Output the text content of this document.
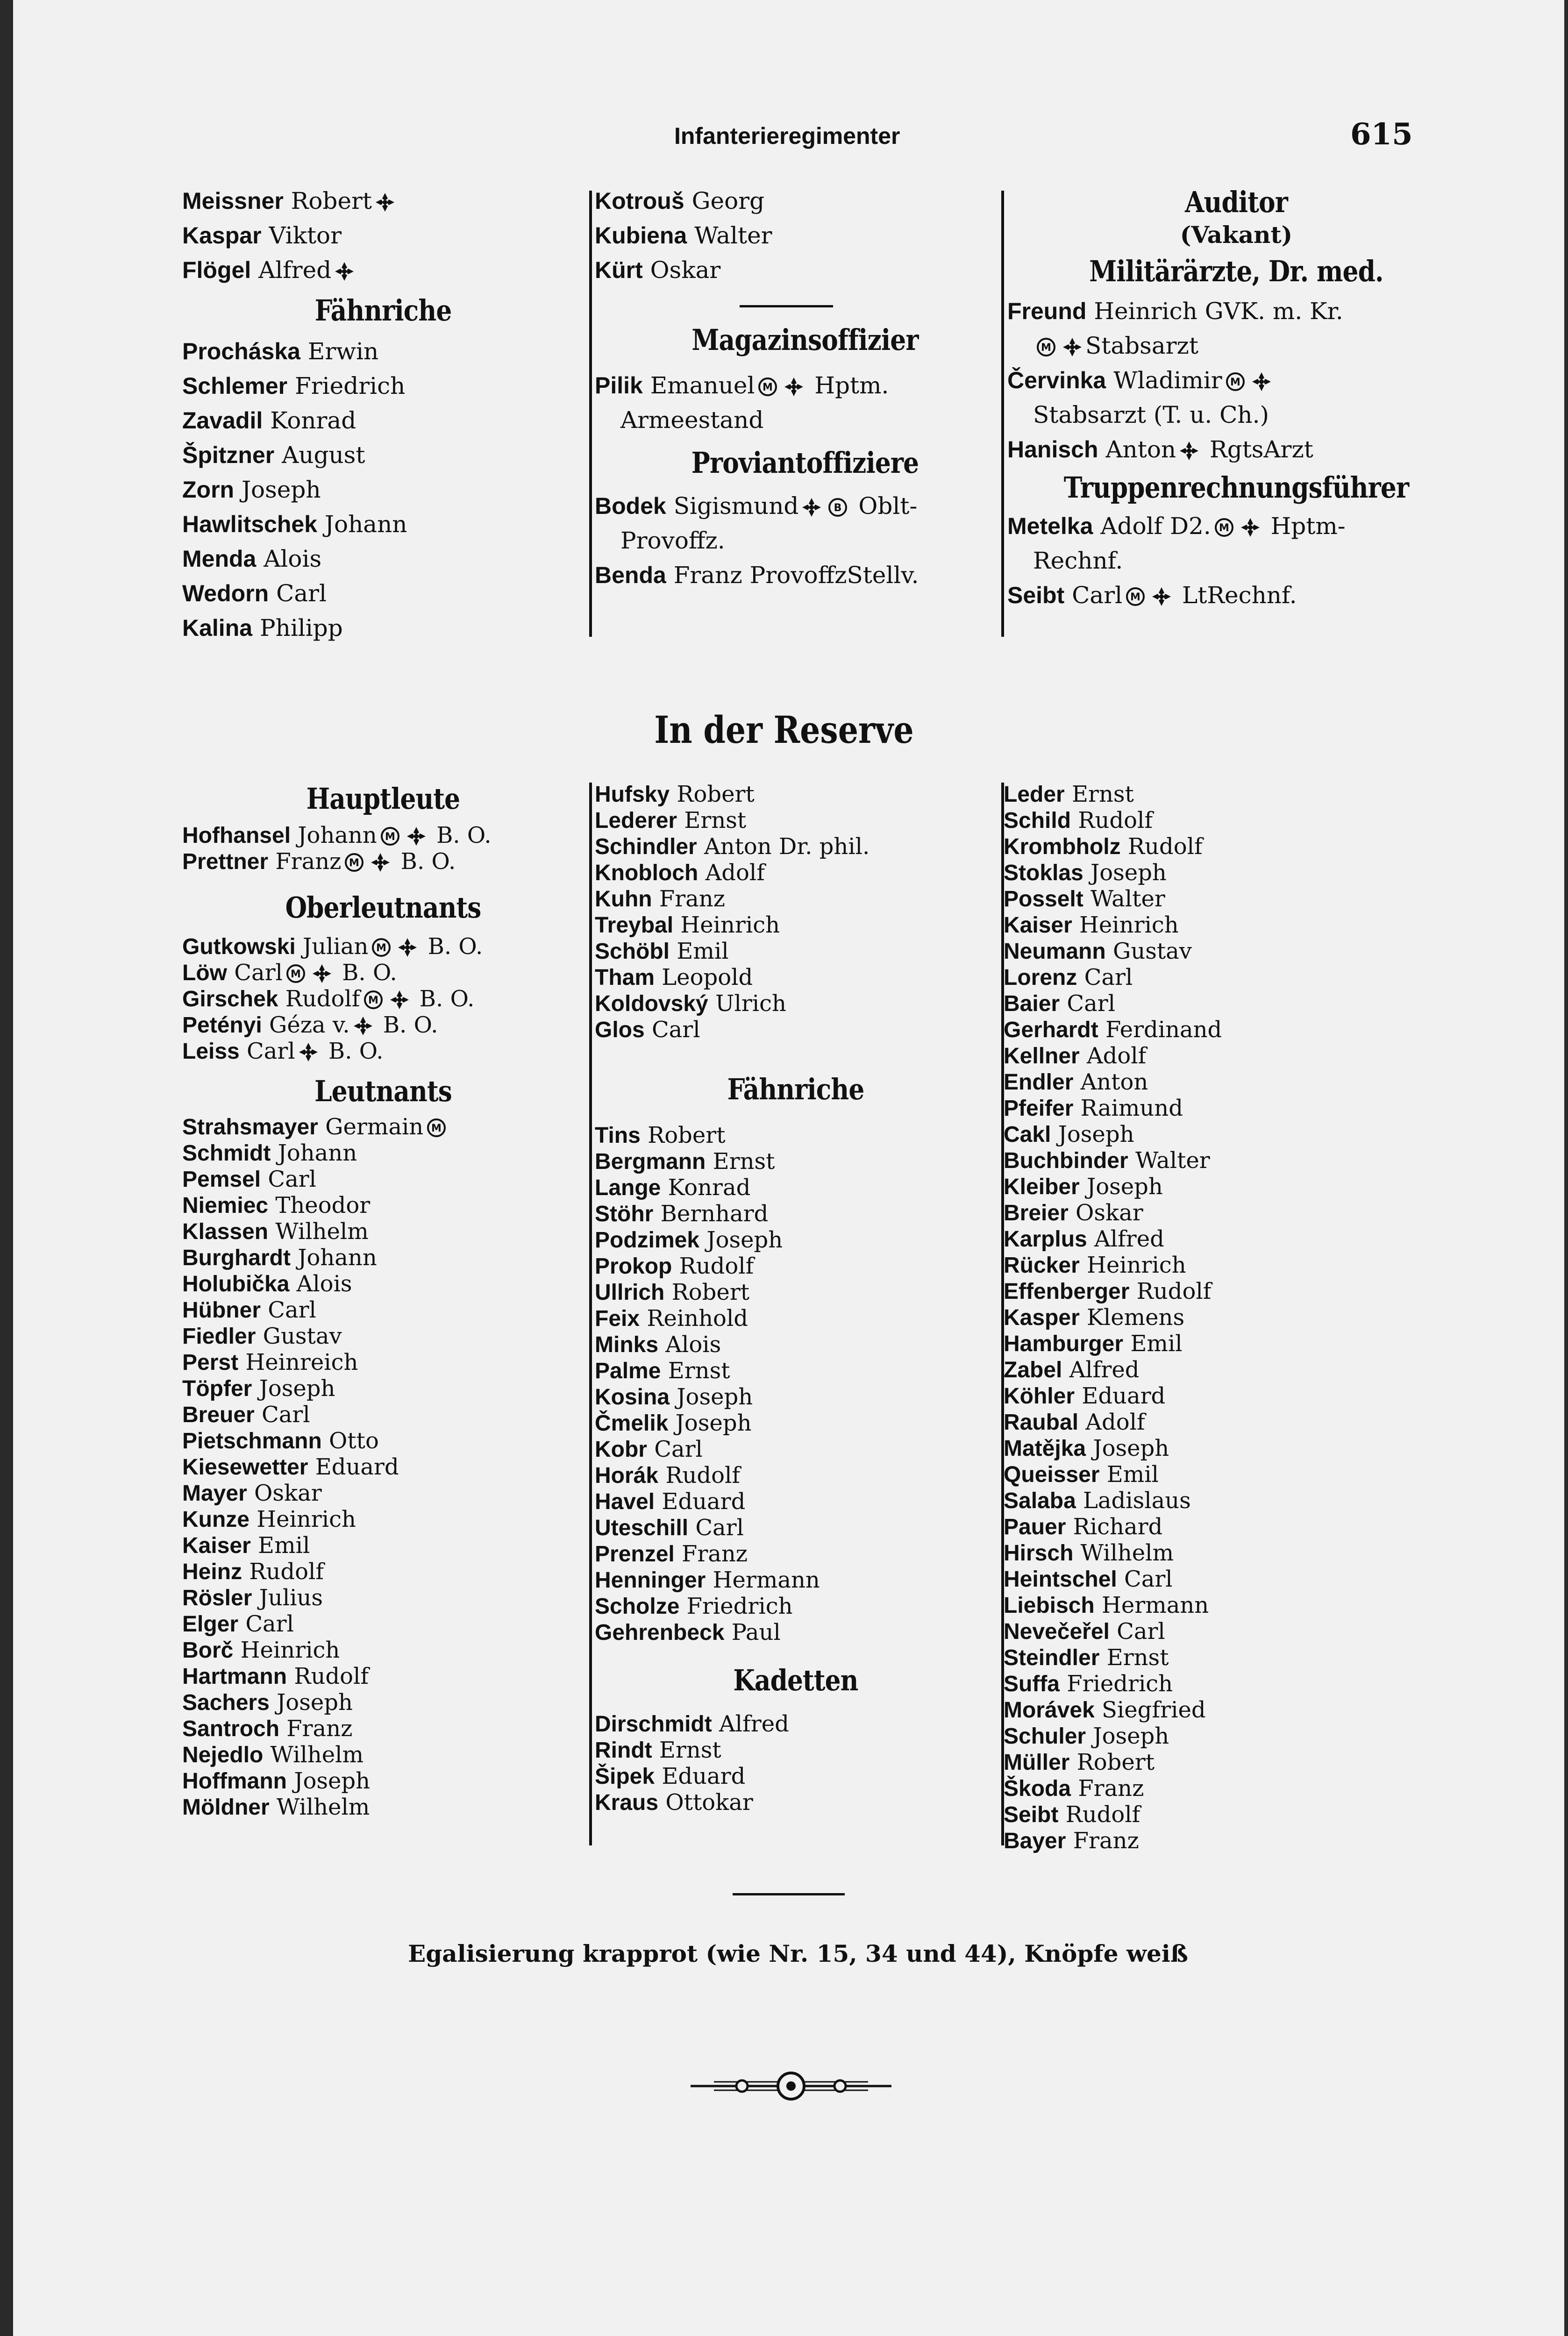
Infanterieregimenter	615
Meissner Robert
Kaspar Viktor
Flögel Alfred
Fähnriche
Procháska Erwin
Schlemer Friedrich
Zavadil Konrad
Špitzner August
Zorn Joseph
Hawlitschek Johann
Menda Alois
Wedorn Carl
Kalina Philipp
Kotrouš Georg
Kubiena Walter
Kürt Oskar
Magazinsoffizier
Pilik Emanuel M Hptm.
Armeestand
Proviantoffiziere
Bodek Sigismund	B Oblt-
Provoffz.
Benda Franz ProvoffzStellv.
Auditor
(Vakant)
Militärärzte, Dr. med.
Freund Heinrich GVK. m. Kr.
M Stabsarzt
Červinka Wladimir M
Stabsarzt (T. u. Ch.)
Hanisch Anton RgtsArzt
Truppenrechnungsführer
Metelka Adolf D2. M Hptm-
Rechnf.
Seibt Carl M LtRechnf.
In der Reserve
Hauptleute
Hofhansel Johann M B. O.
Prettner Franz M B. O.
Oberleutnants
Gutkowski Julian M B. O.
Löw Carl M B. O.
Girschek Rudolf M B. O.
Petényi Géza v. B. O.
Leiss Carl B. O.
Leutnants
Strahsmayer Germain M
Schmidt Johann
Pemsel Carl
Niemiec Theodor
Klassen Wilhelm
Burghardt Johann
Holubička Alois
Hübner Carl
Fiedler Gustav
Perst Heinreich
Töpfer Joseph
Breuer Carl
Pietschmann Otto
Kiesewetter Eduard
Mayer Oskar
Kunze Heinrich
Kaiser Emil
Heinz Rudolf
Rösler Julius
Elger Carl
Borč Heinrich
Hartmann Rudolf
Sachers Joseph
Santroch Franz
Nejedlo Wilhelm
Hoffmann Joseph
Möldner Wilhelm
Hufsky Robert
Lederer Ernst
Schindler Anton Dr. phil.
Knobloch Adolf
Kuhn Franz
Treybal Heinrich
Schöbl Emil
Tham Leopold
Koldovský Ulrich
Glos Carl
Fähnriche
Tins Robert
Bergmann Ernst
Lange Konrad
Stöhr Bernhard
Podzimek Joseph
Prokop Rudolf
Ullrich Robert
Feix Reinhold
Minks Alois
Palme Ernst
Kosina Joseph
Čmelik Joseph
Kobr Carl
Horák Rudolf
Havel Eduard
Uteschill Carl
Prenzel Franz
Henninger Hermann
Scholze Friedrich
Gehrenbeck Paul
Kadetten
Dirschmidt Alfred
Rindt Ernst
Šipek Eduard
Kraus Ottokar
Leder Ernst
Schild Rudolf
Krombholz Rudolf
Stoklas Joseph
Posselt Walter
Kaiser Heinrich
Neumann Gustav
Lorenz Carl
Baier Carl
Gerhardt Ferdinand
Kellner Adolf
Endler Anton
Pfeifer Raimund
Cakl Joseph
Buchbinder Walter
Kleiber Joseph
Breier Oskar
Karplus Alfred
Rücker Heinrich
Effenberger Rudolf
Kasper Klemens
Hamburger Emil
Zabel Alfred
Köhler Eduard
Raubal Adolf
Matějka Joseph
Queisser Emil
Salaba Ladislaus
Pauer Richard
Hirsch Wilhelm
Heintschel Carl
Liebisch Hermann
Nevečeřel Carl
Steindler Ernst
Suffa Friedrich
Morávek Siegfried
Schuler Joseph
Müller Robert
Škoda Franz
Seibt Rudolf
Bayer Franz
Egalisierung krapprot (wie Nr. 15, 34 und 44), Knöpfe weiß
